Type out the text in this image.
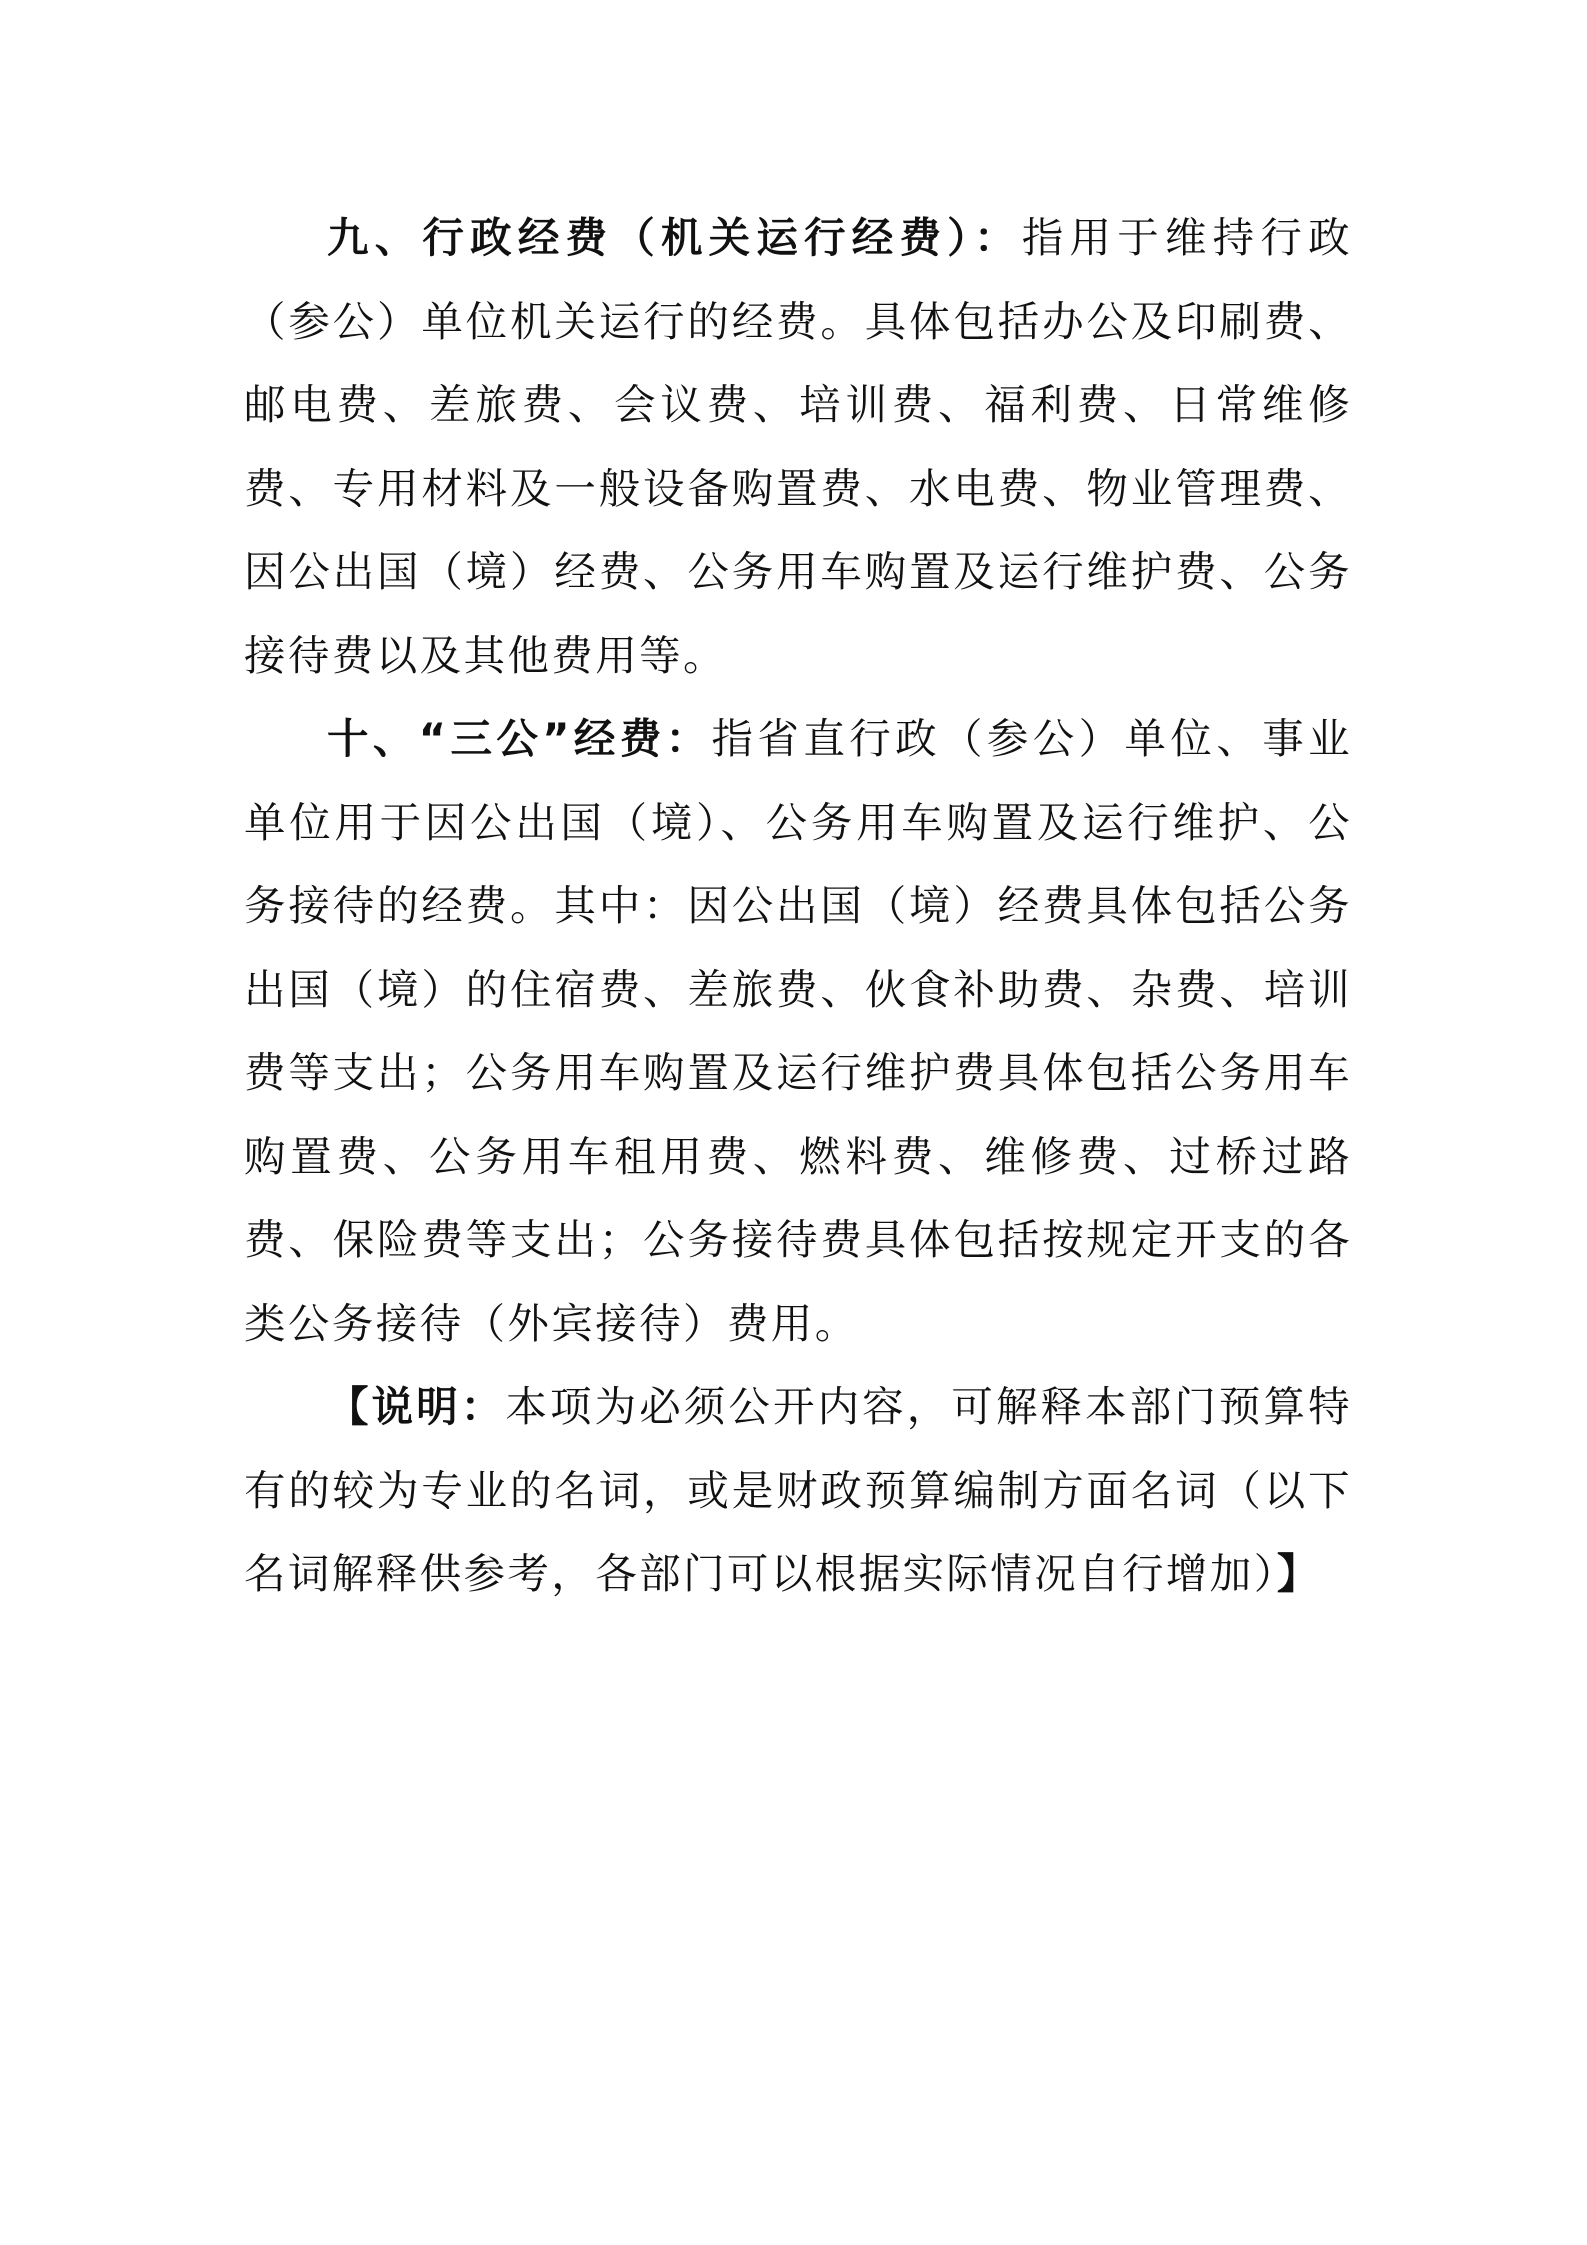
九、行政经费（机关运行经费）：指用于维持行政（参公）单位机关运行的经费。具体包括办公及印刷费、邮电费、差旅费、会议费、培训费、福利费、日常维修费、专用材料及一般设备购置费、水电费、物业管理费、因公出国（境）经费、公务用车购置及运行维护费、公务接待费以及其他费用等。

十、“三公”经费：指省直行政（参公）单位、事业单位用于因公出国（境）、公务用车购置及运行维护、公务接待的经费。其中：因公出国（境）经费具体包括公务出国（境）的住宿费、差旅费、伙食补助费、杂费、培训费等支出；公务用车购置及运行维护费具体包括公务用车购置费、公务用车租用费、燃料费、维修费、过桥过路费、保险费等支出；公务接待费具体包括按规定开支的各类公务接待（外宾接待）费用。

【说明：本项为必须公开内容，可解释本部门预算特有的较为专业的名词，或是财政预算编制方面名词（以下名词解释供参考，各部门可以根据实际情况自行增加）】
